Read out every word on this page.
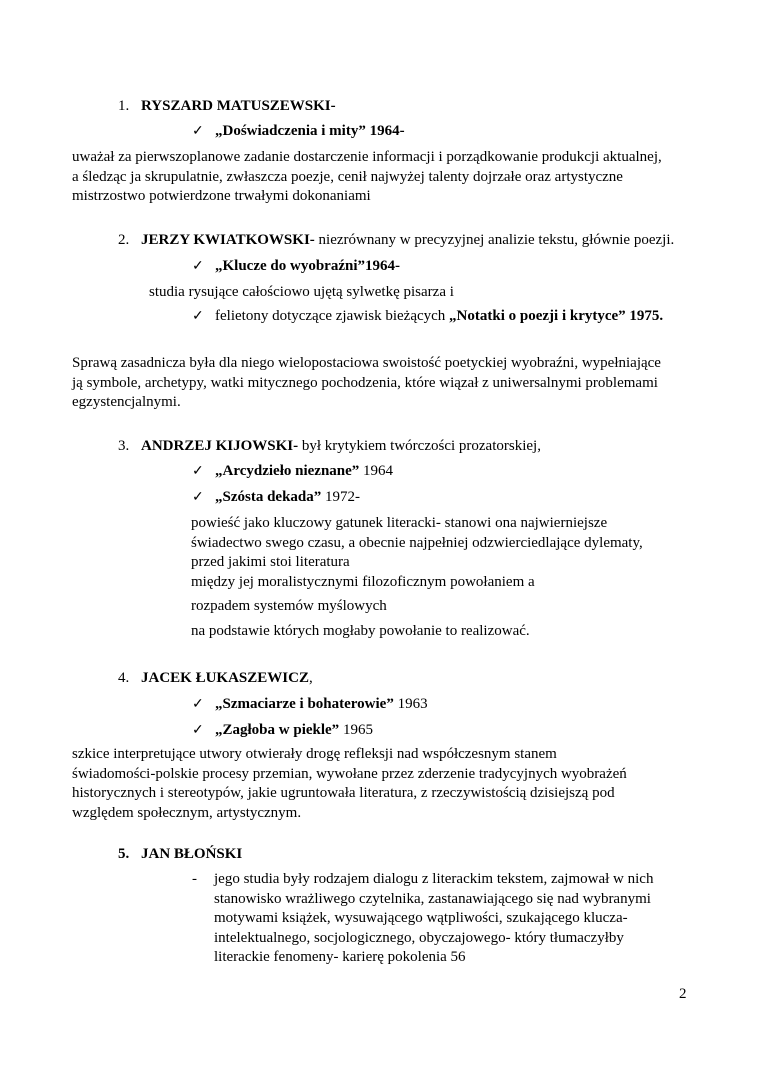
1. RYSZARD MATUSZEWSKI-
✓ „Doświadczenia i mity” 1964-
uważał za pierwszoplanowe zadanie dostarczenie informacji i porządkowanie produkcji aktualnej,
a śledząc ja skrupulatnie, zwłaszcza poezje, cenił najwyżej talenty dojrzałe oraz artystyczne
mistrzostwo potwierdzone trwałymi dokonaniami
2. JERZY KWIATKOWSKI- niezrównany w precyzyjnej analizie tekstu, głównie poezji.
✓ „Klucze do wyobraźni”1964-
studia rysujące całościowo ujętą sylwetkę pisarza i
✓ felietony dotyczące zjawisk bieżących „Notatki o poezji i krytyce” 1975.
Sprawą zasadnicza była dla niego wielopostaciowa swoistość poetyckiej wyobraźni, wypełniające
ją symbole, archetypy, watki mitycznego pochodzenia, które wiązał z uniwersalnymi problemami
egzystencjalnymi.
3. ANDRZEJ KIJOWSKI- był krytykiem twórczości prozatorskiej,
✓ „Arcydzieło nieznane” 1964
✓ „Szósta dekada” 1972-
powieść jako kluczowy gatunek literacki- stanowi ona najwierniejsze
świadectwo swego czasu, a obecnie najpełniej odzwierciedlające dylematy,
przed jakimi stoi literatura
między jej moralistycznymi filozoficznym powołaniem a
rozpadem systemów myślowych
na podstawie których mogłaby powołanie to realizować.
4. JACEK ŁUKASZEWICZ,
✓ „Szmaciarze i bohaterowie” 1963
✓ „Zagłoba w piekle” 1965
szkice interpretujące utwory otwierały drogę refleksji nad współczesnym stanem
świadomości-polskie procesy przemian, wywołane przez zderzenie tradycyjnych wyobrażeń
historycznych i stereotypów, jakie ugruntowała literatura, z rzeczywistością dzisiejszą pod
względem społecznym, artystycznym.
5. JAN BŁOŃSKI
- jego studia były rodzajem dialogu z literackim tekstem, zajmował w nich
stanowisko wrażliwego czytelnika, zastanawiającego się nad wybranymi
motywami książek, wysuwającego wątpliwości, szukającego klucza-
intelektualnego, socjologicznego, obyczajowego- który tłumaczyłby
literackie fenomeny- karierę pokolenia 56
2
